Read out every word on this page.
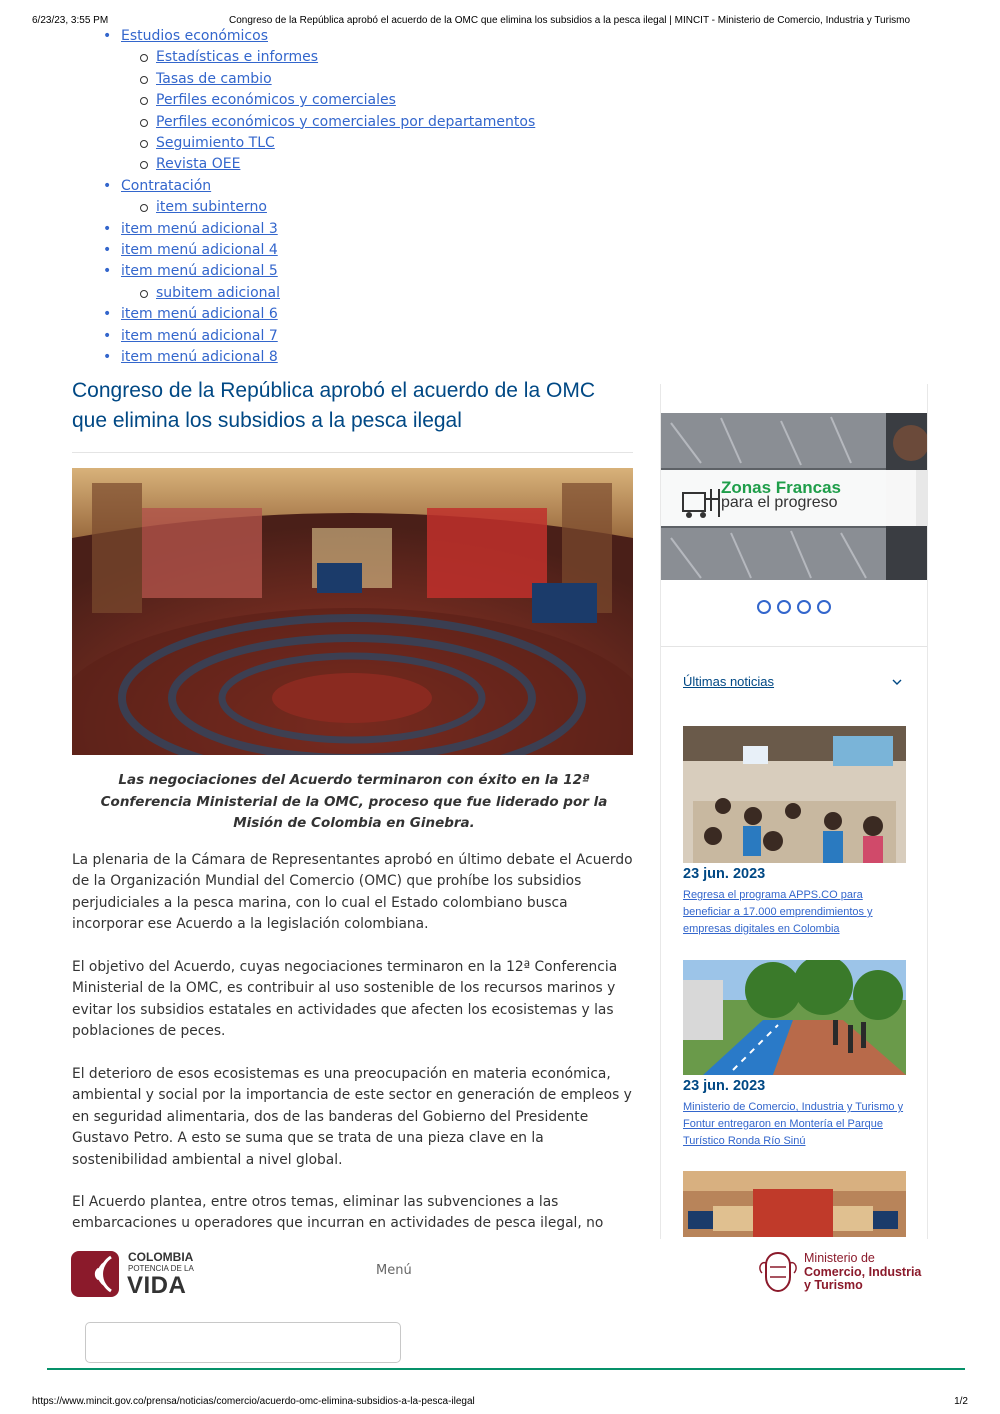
6/23/23, 3:55 PM	Congreso de la República aprobó el acuerdo de la OMC que elimina los subsidios a la pesca ilegal | MINCIT - Ministerio de Comercio, Industria y Turismo
• Estudios económicos
Estadísticas e informes
Tasas de cambio
Perfiles económicos y comerciales
Perfiles económicos y comerciales por departamentos
Seguimiento TLC
Revista OEE
• Contratación
item subinterno
• item menú adicional 3
• item menú adicional 4
• item menú adicional 5
subitem adicional
• item menú adicional 6
• item menú adicional 7
• item menú adicional 8
Congreso de la República aprobó el acuerdo de la OMC que elimina los subsidios a la pesca ilegal
Las negociaciones del Acuerdo terminaron con éxito en la 12ª Conferencia Ministerial de la OMC, proceso que fue liderado por la Misión de Colombia en Ginebra.
La plenaria de la Cámara de Representantes aprobó en último debate el Acuerdo de la Organización Mundial del Comercio (OMC) que prohíbe los subsidios perjudiciales a la pesca marina, con lo cual el Estado colombiano busca incorporar ese Acuerdo a la legislación colombiana.
El objetivo del Acuerdo, cuyas negociaciones terminaron en la 12ª Conferencia Ministerial de la OMC, es contribuir al uso sostenible de los recursos marinos y evitar los subsidios estatales en actividades que afecten los ecosistemas y las poblaciones de peces.
El deterioro de esos ecosistemas es una preocupación en materia económica, ambiental y social por la importancia de este sector en generación de empleos y en seguridad alimentaria, dos de las banderas del Gobierno del Presidente Gustavo Petro. A esto se suma que se trata de una pieza clave en la sostenibilidad ambiental a nivel global.
El Acuerdo plantea, entre otros temas, eliminar las subvenciones a las embarcaciones u operadores que incurran en actividades de pesca ilegal, no
Zonas Francas
para el progreso
Últimas noticias
23 jun. 2023
Regresa el programa APPS.CO para beneficiar a 17.000 emprendimientos y empresas digitales en Colombia
23 jun. 2023
Ministerio de Comercio, Industria y Turismo y Fontur entregaron en Montería el Parque Turístico Ronda Río Sinú
COLOMBIA
POTENCIA DE LA
VIDA
Menú
Ministerio de
Comercio, Industria
y Turismo
https://www.mincit.gov.co/prensa/noticias/comercio/acuerdo-omc-elimina-subsidios-a-la-pesca-ilegal	1/2
